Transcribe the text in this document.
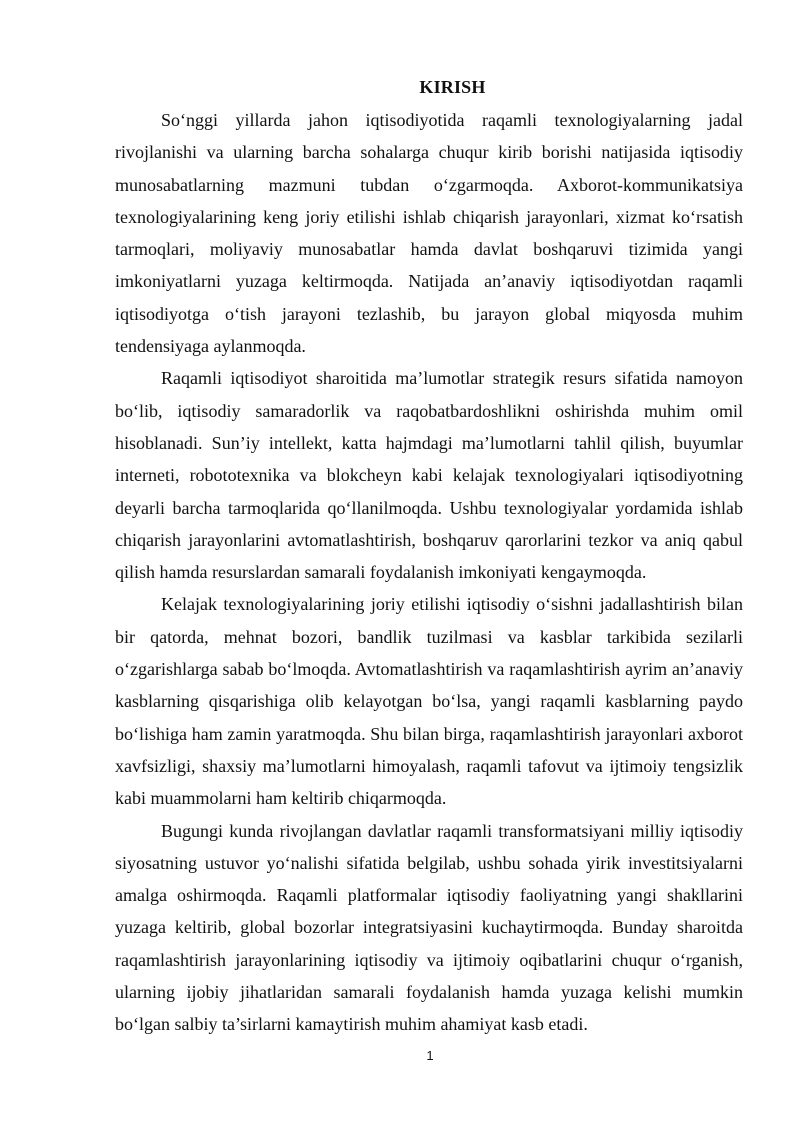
KIRISH

So‘nggi yillarda jahon iqtisodiyotida raqamli texnologiyalarning jadal rivojlanishi va ularning barcha sohalarga chuqur kirib borishi natijasida iqtisodiy munosabatlarning mazmuni tubdan o‘zgarmoqda. Axborot-kommunikatsiya texnologiyalarining keng joriy etilishi ishlab chiqarish jarayonlari, xizmat ko‘rsatish tarmoqlari, moliyaviy munosabatlar hamda davlat boshqaruvi tizimida yangi imkoniyatlarni yuzaga keltirmoqda. Natijada an’anaviy iqtisodiyotdan raqamli iqtisodiyotga o‘tish jarayoni tezlashib, bu jarayon global miqyosda muhim tendensiyaga aylanmoqda.

Raqamli iqtisodiyot sharoitida ma’lumotlar strategik resurs sifatida namoyon bo‘lib, iqtisodiy samaradorlik va raqobatbardoshlikni oshirishda muhim omil hisoblanadi. Sun’iy intellekt, katta hajmdagi ma’lumotlarni tahlil qilish, buyumlar interneti, robototexnika va blokcheyn kabi kelajak texnologiyalari iqtisodiyotning deyarli barcha tarmoqlarida qo‘llanilmoqda. Ushbu texnologiyalar yordamida ishlab chiqarish jarayonlarini avtomatlashtirish, boshqaruv qarorlarini tezkor va aniq qabul qilish hamda resurslardan samarali foydalanish imkoniyati kengaymoqda.

Kelajak texnologiyalarining joriy etilishi iqtisodiy o‘sishni jadallashtirish bilan bir qatorda, mehnat bozori, bandlik tuzilmasi va kasblar tarkibida sezilarli o‘zgarishlarga sabab bo‘lmoqda. Avtomatlashtirish va raqamlashtirish ayrim an’anaviy kasblarning qisqarishiga olib kelayotgan bo‘lsa, yangi raqamli kasblarning paydo bo‘lishiga ham zamin yaratmoqda. Shu bilan birga, raqamlashtirish jarayonlari axborot xavfsizligi, shaxsiy ma’lumotlarni himoyalash, raqamli tafovut va ijtimoiy tengsizlik kabi muammolarni ham keltirib chiqarmoqda.

Bugungi kunda rivojlangan davlatlar raqamli transformatsiyani milliy iqtisodiy siyosatning ustuvor yo‘nalishi sifatida belgilab, ushbu sohada yirik investitsiyalarni amalga oshirmoqda. Raqamli platformalar iqtisodiy faoliyatning yangi shakllarini yuzaga keltirib, global bozorlar integratsiyasini kuchaytirmoqda. Bunday sharoitda raqamlashtirish jarayonlarining iqtisodiy va ijtimoiy oqibatlarini chuqur o‘rganish, ularning ijobiy jihatlaridan samarali foydalanish hamda yuzaga kelishi mumkin bo‘lgan salbiy ta’sirlarni kamaytirish muhim ahamiyat kasb etadi.

1
